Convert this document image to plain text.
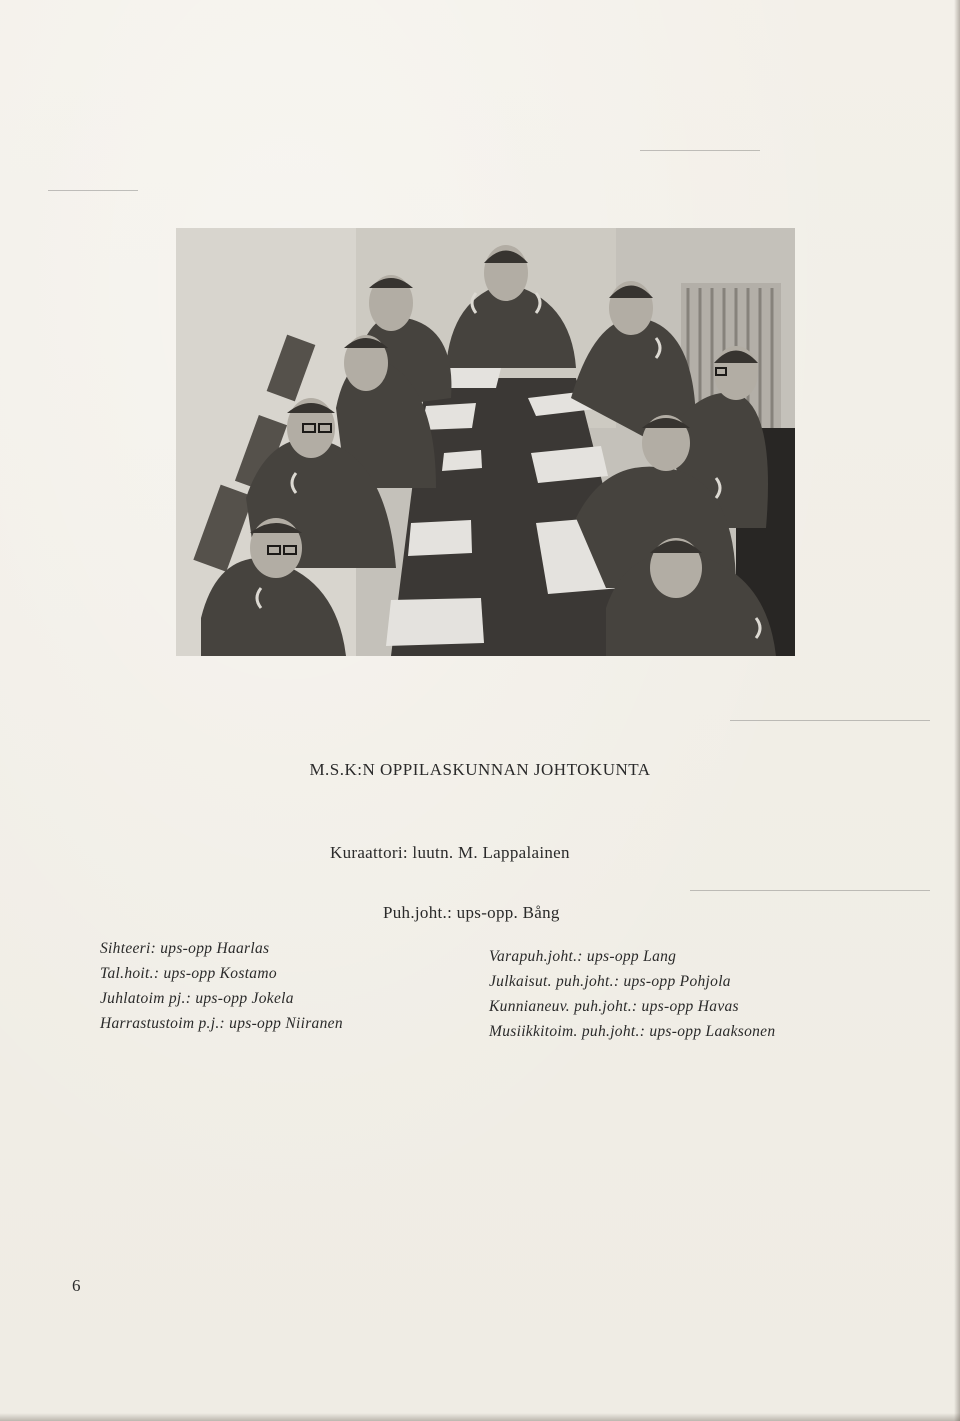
M.S.K:N OPPILASKUNNAN JOHTOKUNTA
Kuraattori: luutn. M. Lappalainen
Puh.joht.: ups-opp. Bång
Sihteeri: ups-opp Haarlas
Tal.hoit.: ups-opp Kostamo
Juhlatoim pj.: ups-opp Jokela
Harrastustoim p.j.: ups-opp Niiranen
Varapuh.joht.: ups-opp Lang
Julkaisut. puh.joht.: ups-opp Pohjola
Kunnianeuv. puh.joht.: ups-opp Havas
Musiikkitoim. puh.joht.: ups-opp Laaksonen
6
